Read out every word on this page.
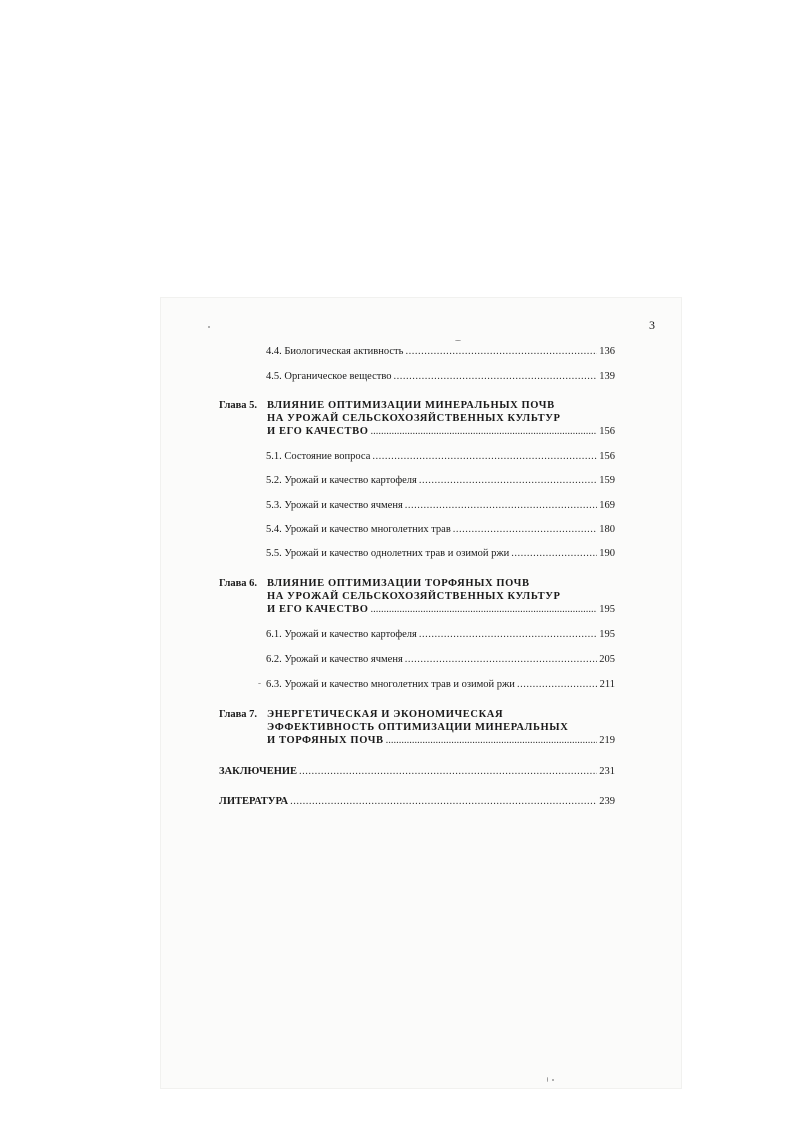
3
4.4. Биологическая активность .....	136
4.5. Органическое вещество .....	139
Глава 5. ВЛИЯНИЕ ОПТИМИЗАЦИИ МИНЕРАЛЬНЫХ ПОЧВ
НА УРОЖАЙ СЕЛЬСКОХОЗЯЙСТВЕННЫХ КУЛЬТУР
И ЕГО КАЧЕСТВО .....	156
5.1. Состояние вопроса .....	156
5.2. Урожай и качество картофеля .....	159
5.3. Урожай и качество ячменя .....	169
5.4. Урожай и качество многолетних трав .....	180
5.5. Урожай и качество однолетних трав и озимой ржи .....	190
Глава 6. ВЛИЯНИЕ ОПТИМИЗАЦИИ ТОРФЯНЫХ ПОЧВ
НА УРОЖАЙ СЕЛЬСКОХОЗЯЙСТВЕННЫХ КУЛЬТУР
И ЕГО КАЧЕСТВО .....	195
6.1. Урожай и качество картофеля .....	195
6.2. Урожай и качество ячменя .....	205
6.3. Урожай и качество многолетних трав и озимой ржи .....	211
Глава 7. ЭНЕРГЕТИЧЕСКАЯ И ЭКОНОМИЧЕСКАЯ
ЭФФЕКТИВНОСТЬ ОПТИМИЗАЦИИ МИНЕРАЛЬНЫХ
И ТОРФЯНЫХ ПОЧВ .....	219
ЗАКЛЮЧЕНИЕ .....	231
ЛИТЕРАТУРА .....	239
